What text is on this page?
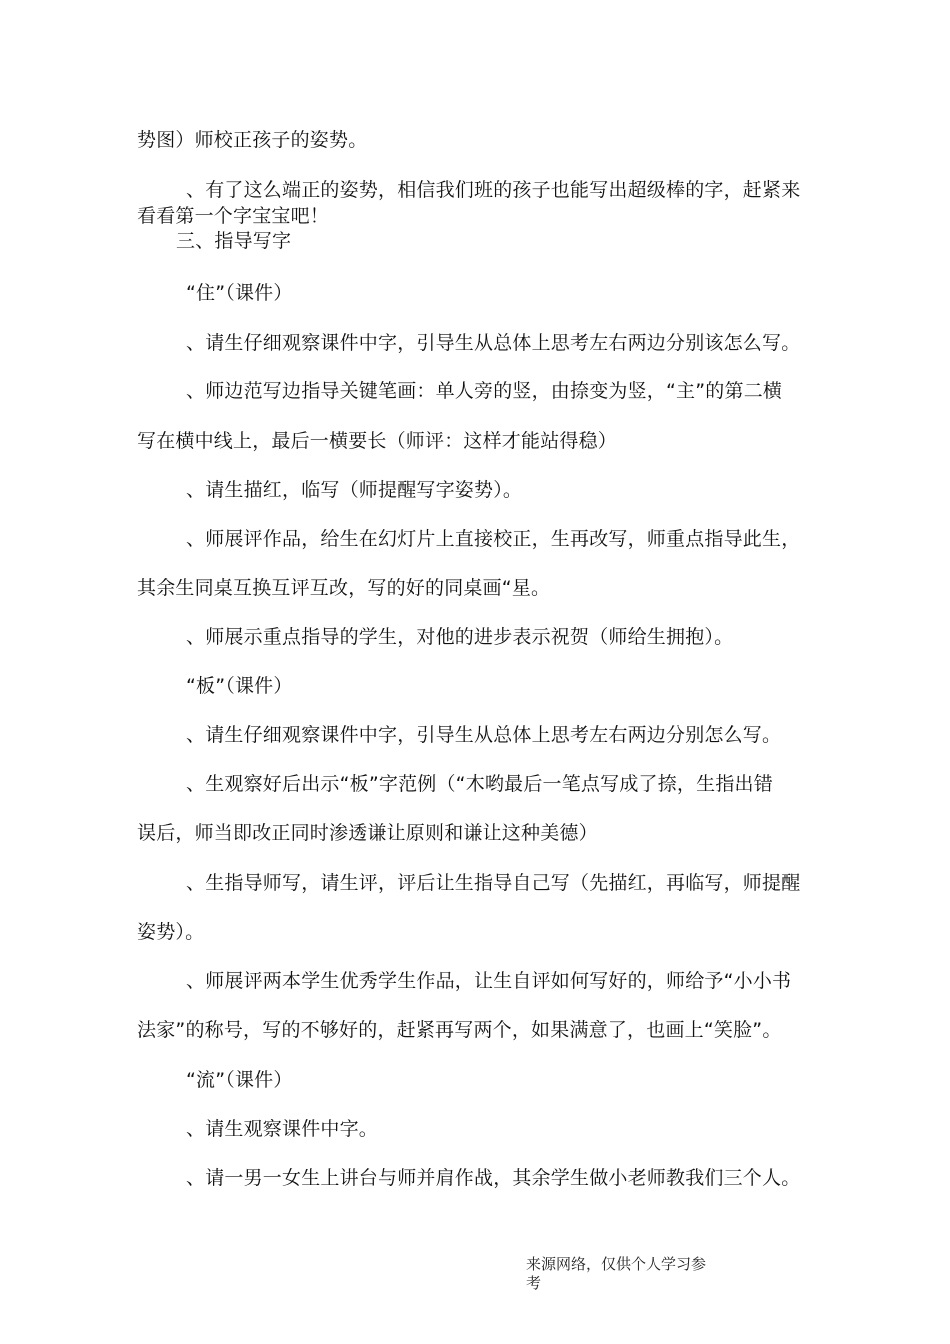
势图）师校正孩子的姿势。
、有了这么端正的姿势，相信我们班的孩子也能写出超级棒的字，赶紧来
看看第一个字宝宝吧！
三、指导写字
“住”（课件）
、请生仔细观察课件中字，引导生从总体上思考左右两边分别该怎么写。
、师边范写边指导关键笔画：单人旁的竖，由捺变为竖，“主”的第二横
写在横中线上，最后一横要长（师评：这样才能站得稳）
、请生描红，临写（师提醒写字姿势）。
、师展评作品，给生在幻灯片上直接校正，生再改写，师重点指导此生，
其余生同桌互换互评互改，写的好的同桌画“星。
、师展示重点指导的学生，对他的进步表示祝贺（师给生拥抱）。
“板”（课件）
、请生仔细观察课件中字，引导生从总体上思考左右两边分别怎么写。
、生观察好后出示“板”字范例（“木哟最后一笔点写成了捺，生指出错
误后，师当即改正同时渗透谦让原则和谦让这种美德）
、生指导师写，请生评，评后让生指导自己写（先描红，再临写，师提醒
姿势）。
、师展评两本学生优秀学生作品，让生自评如何写好的，师给予“小小书
法家”的称号，写的不够好的，赶紧再写两个，如果满意了，也画上“笑脸”。
“流”（课件）
、请生观察课件中字。
、请一男一女生上讲台与师并肩作战，其余学生做小老师教我们三个人。
来源网络，仅供个人学习参
考
